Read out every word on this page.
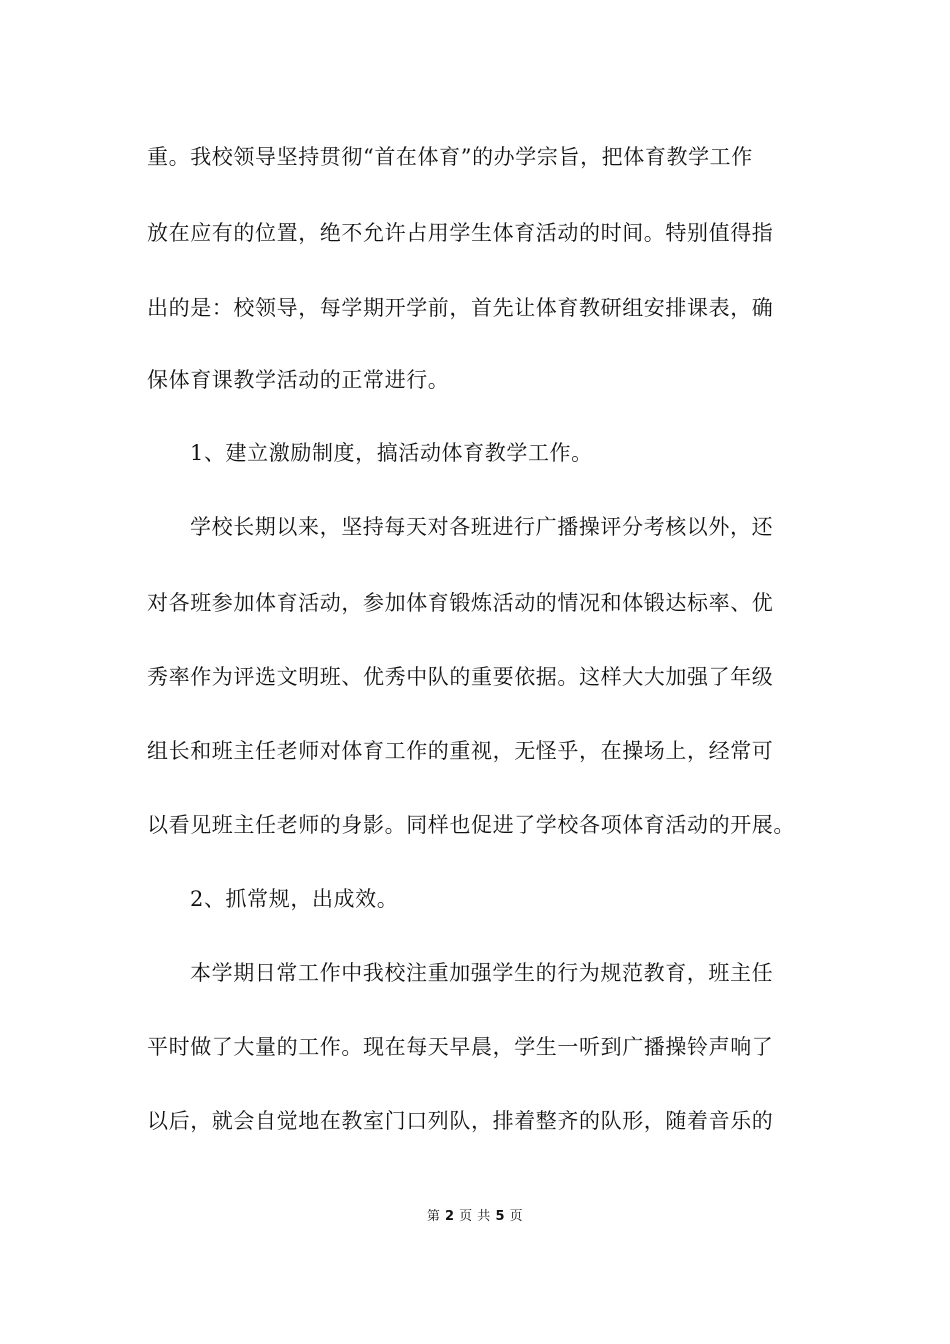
重。我校领导坚持贯彻“首在体育”的办学宗旨，把体育教学工作
放在应有的位置，绝不允许占用学生体育活动的时间。特别值得指
出的是：校领导，每学期开学前，首先让体育教研组安排课表，确
保体育课教学活动的正常进行。
1、建立激励制度，搞活动体育教学工作。
学校长期以来，坚持每天对各班进行广播操评分考核以外，还
对各班参加体育活动，参加体育锻炼活动的情况和体锻达标率、优
秀率作为评选文明班、优秀中队的重要依据。这样大大加强了年级
组长和班主任老师对体育工作的重视，无怪乎，在操场上，经常可
以看见班主任老师的身影。同样也促进了学校各项体育活动的开展。
2、抓常规，出成效。
本学期日常工作中我校注重加强学生的行为规范教育，班主任
平时做了大量的工作。现在每天早晨，学生一听到广播操铃声响了
以后，就会自觉地在教室门口列队，排着整齐的队形，随着音乐的
第 2 页 共 5 页
